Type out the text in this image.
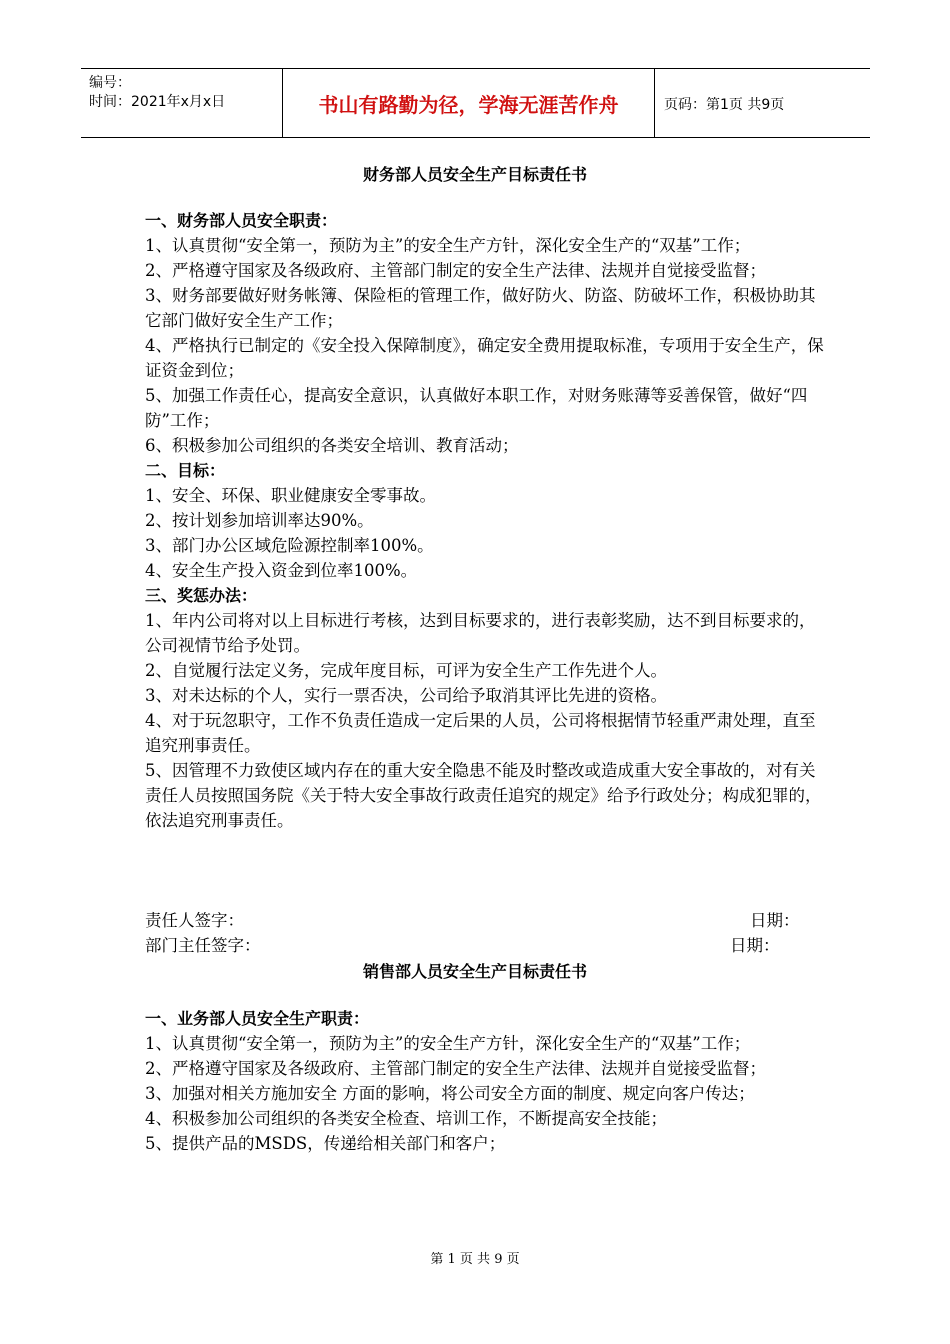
编号：
时间：2021年x月x日	书山有路勤为径，学海无涯苦作舟	页码：第1页 共9页
财务部人员安全生产目标责任书

一、财务部人员安全职责：

1、认真贯彻“安全第一，预防为主”的安全生产方针，深化安全生产的“双基”工作；

2、严格遵守国家及各级政府、主管部门制定的安全生产法律、法规并自觉接受监督；

3、财务部要做好财务帐簿、保险柜的管理工作，做好防火、防盗、防破坏工作，积极协助其它部门做好安全生产工作；

4、严格执行已制定的《安全投入保障制度》，确定安全费用提取标准，专项用于安全生产，保证资金到位；

5、加强工作责任心，提高安全意识，认真做好本职工作，对财务账薄等妥善保管，做好“四防”工作；

6、积极参加公司组织的各类安全培训、教育活动；

二、目标：

1、安全、环保、职业健康安全零事故。

2、按计划参加培训率达90%。

3、部门办公区域危险源控制率100%。

4、安全生产投入资金到位率100%。

三、奖惩办法：

1、年内公司将对以上目标进行考核，达到目标要求的，进行表彰奖励，达不到目标要求的，公司视情节给予处罚。

2、自觉履行法定义务，完成年度目标，可评为安全生产工作先进个人。

3、对未达标的个人，实行一票否决，公司给予取消其评比先进的资格。

4、对于玩忽职守，工作不负责任造成一定后果的人员，公司将根据情节轻重严肃处理，直至追究刑事责任。

5、因管理不力致使区域内存在的重大安全隐患不能及时整改或造成重大安全事故的，对有关责任人员按照国务院《关于特大安全事故行政责任追究的规定》给予行政处分；构成犯罪的，依法追究刑事责任。

责任人签字：	日期：
部门主任签字：	日期：
销售部人员安全生产目标责任书

一、业务部人员安全生产职责：

1、认真贯彻“安全第一，预防为主”的安全生产方针，深化安全生产的“双基”工作；

2、严格遵守国家及各级政府、主管部门制定的安全生产法律、法规并自觉接受监督；

3、加强对相关方施加安全 方面的影响，将公司安全方面的制度、规定向客户传达；

4、积极参加公司组织的各类安全检查、培训工作，不断提高安全技能；

5、提供产品的MSDS，传递给相关部门和客户；

第 1 页 共 9 页
